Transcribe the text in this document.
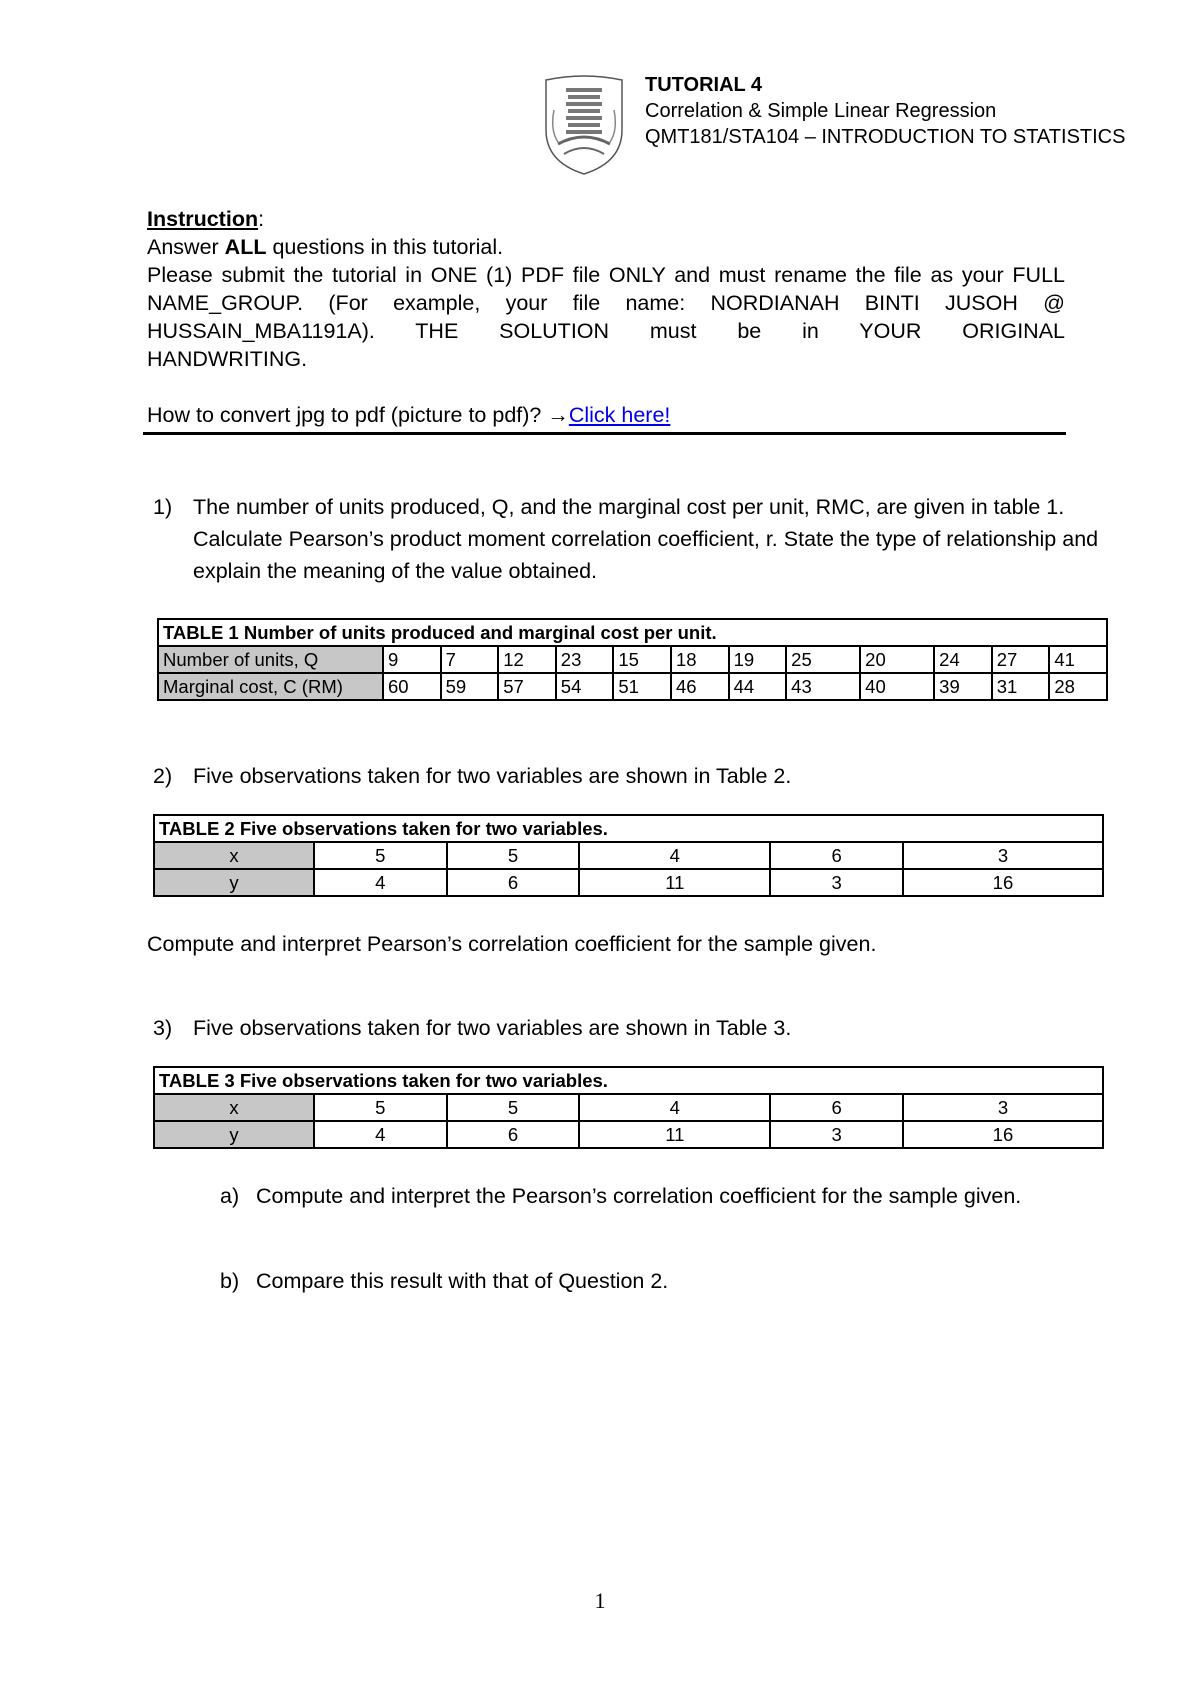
TUTORIAL 4
Correlation & Simple Linear Regression
QMT181/STA104 – INTRODUCTION TO STATISTICS

Instruction:

Answer ALL questions in this tutorial.

Please submit the tutorial in ONE (1) PDF file ONLY and must rename the file as your FULL NAME_GROUP. (For example, your file name: NORDIANAH BINTI JUSOH @ HUSSAIN_MBA1191A). THE SOLUTION must be in YOUR ORIGINAL

HANDWRITING.

How to convert jpg to pdf (picture to pdf)? →Click here!

1) The number of units produced, Q, and the marginal cost per unit, RMC, are given in table 1. Calculate Pearson’s product moment correlation coefficient, r. State the type of relationship and explain the meaning of the value obtained.
TABLE 1 Number of units produced and marginal cost per unit.												
Number of units, Q	9	7	12	23	15	18	19	25	20	24	27	41
Marginal cost, C (RM)	60	59	57	54	51	46	44	43	40	39	31	28
2) Five observations taken for two variables are shown in Table 2.
TABLE 2 Five observations taken for two variables.					
x	5	5	4	6	3
y	4	6	11	3	16
Compute and interpret Pearson’s correlation coefficient for the sample given.
3) Five observations taken for two variables are shown in Table 3.
TABLE 3 Five observations taken for two variables.					
x	5	5	4	6	3
y	4	6	11	3	16
a) Compute and interpret the Pearson’s correlation coefficient for the sample given.
b) Compare this result with that of Question 2.
1
